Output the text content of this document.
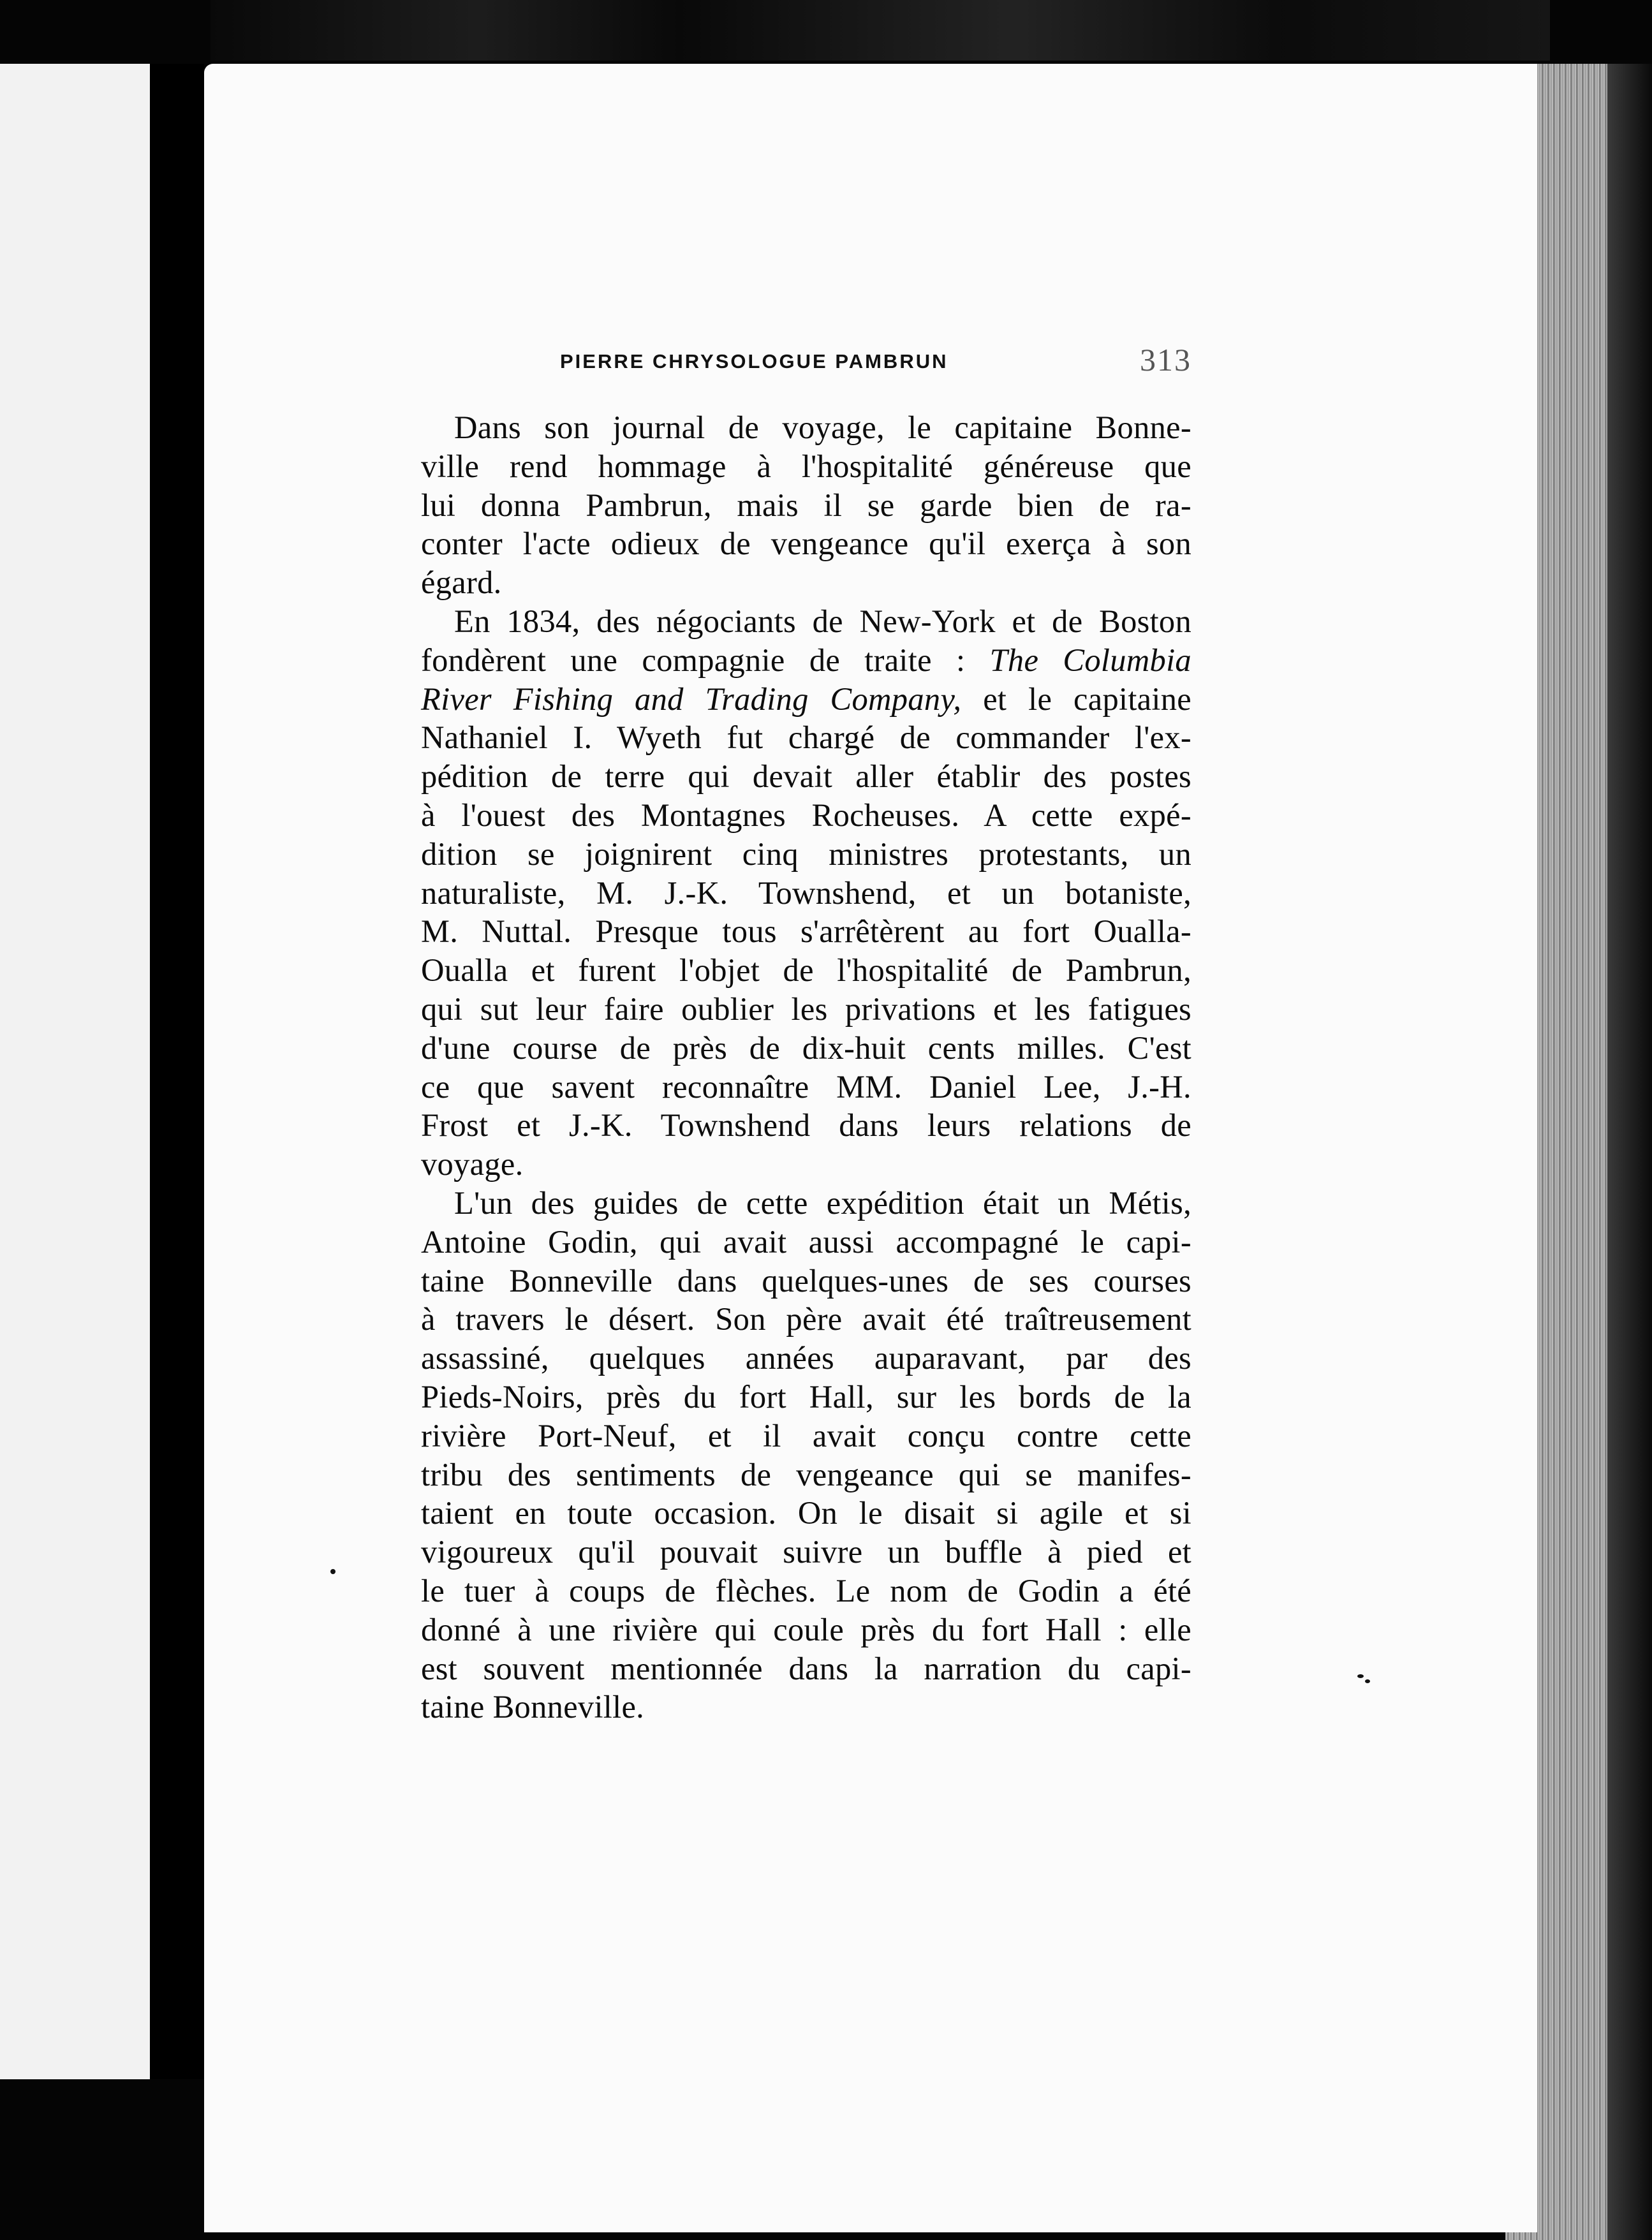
PIERRE CHRYSOLOGUE PAMBRUN	313
Dans son journal de voyage, le capitaine Bonne-
ville rend hommage à l'hospitalité généreuse que
lui donna Pambrun, mais il se garde bien de ra-
conter l'acte odieux de vengeance qu'il exerça à son
égard.
En 1834, des négociants de New-York et de Boston
fondèrent une compagnie de traite : The Columbia
River Fishing and Trading Company, et le capitaine
Nathaniel I. Wyeth fut chargé de commander l'ex-
pédition de terre qui devait aller établir des postes
à l'ouest des Montagnes Rocheuses. A cette expé-
dition se joignirent cinq ministres protestants, un
naturaliste, M. J.-K. Townshend, et un botaniste,
M. Nuttal. Presque tous s'arrêtèrent au fort Oualla-
Oualla et furent l'objet de l'hospitalité de Pambrun,
qui sut leur faire oublier les privations et les fatigues
d'une course de près de dix-huit cents milles. C'est
ce que savent reconnaître MM. Daniel Lee, J.-H.
Frost et J.-K. Townshend dans leurs relations de
voyage.
L'un des guides de cette expédition était un Métis,
Antoine Godin, qui avait aussi accompagné le capi-
taine Bonneville dans quelques-unes de ses courses
à travers le désert. Son père avait été traîtreusement
assassiné, quelques années auparavant, par des
Pieds-Noirs, près du fort Hall, sur les bords de la
rivière Port-Neuf, et il avait conçu contre cette
tribu des sentiments de vengeance qui se manifes-
taient en toute occasion. On le disait si agile et si
vigoureux qu'il pouvait suivre un buffle à pied et
le tuer à coups de flèches. Le nom de Godin a été
donné à une rivière qui coule près du fort Hall : elle
est souvent mentionnée dans la narration du capi-
taine Bonneville.
